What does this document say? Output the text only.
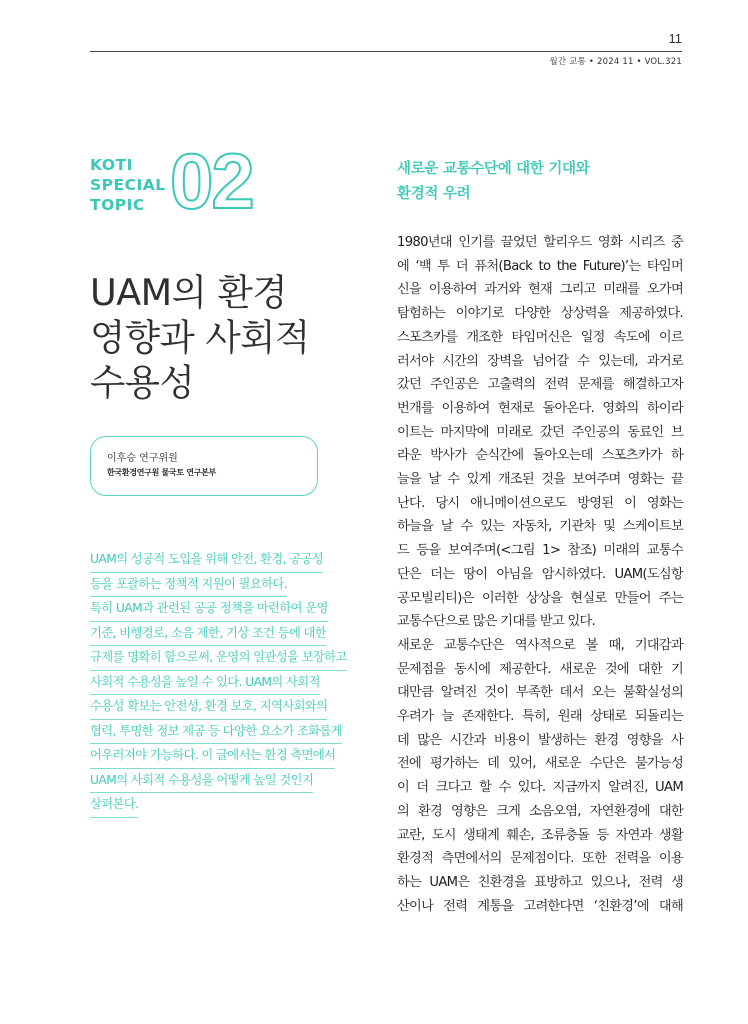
11
월간 교통 • 2024 11 • VOL.321
KOTI
SPECIAL
TOPIC 02
UAM의 환경
영향과 사회적
수용성
이후승 연구위원
한국환경연구원 물국토 연구본부
UAM의 성공적 도입을 위해 안전, 환경, 공공성
등을 포괄하는 정책적 지원이 필요하다.
특히 UAM과 관련된 공공 정책을 마련하여 운영
기준, 비행경로, 소음 제한, 기상 조건 등에 대한
규제를 명확히 함으로써, 운영의 일관성을 보장하고
사회적 수용성을 높일 수 있다. UAM의 사회적
수용성 확보는 안전성, 환경 보호, 지역사회와의
협력, 투명한 정보 제공 등 다양한 요소가 조화롭게
어우러져야 가능하다. 이 글에서는 환경 측면에서
UAM의 사회적 수용성을 어떻게 높일 것인지
살펴본다.
새로운 교통수단에 대한 기대와
환경적 우려
1980년대 인기를 끌었던 할리우드 영화 시리즈 중
에 ‘백 투 더 퓨처(Back to the Future)’는 타임머
신을 이용하여 과거와 현재 그리고 미래를 오가며
탐험하는 이야기로 다양한 상상력을 제공하였다.
스포츠카를 개조한 타임머신은 일정 속도에 이르
러서야 시간의 장벽을 넘어갈 수 있는데, 과거로
갔던 주인공은 고출력의 전력 문제를 해결하고자
번개를 이용하여 현재로 돌아온다. 영화의 하이라
이트는 마지막에 미래로 갔던 주인공의 동료인 브
라운 박사가 순식간에 돌아오는데 스포츠카가 하
늘을 날 수 있게 개조된 것을 보여주며 영화는 끝
난다. 당시 애니메이션으로도 방영된 이 영화는
하늘을 날 수 있는 자동차, 기관차 및 스케이트보
드 등을 보여주며(<그림 1> 참조) 미래의 교통수
단은 더는 땅이 아님을 암시하였다. UAM(도심항
공모빌리티)은 이러한 상상을 현실로 만들어 주는
교통수단으로 많은 기대를 받고 있다.
새로운 교통수단은 역사적으로 볼 때, 기대감과
문제점을 동시에 제공한다. 새로운 것에 대한 기
대만큼 알려진 것이 부족한 데서 오는 불확실성의
우려가 늘 존재한다. 특히, 원래 상태로 되돌리는
데 많은 시간과 비용이 발생하는 환경 영향을 사
전에 평가하는 데 있어, 새로운 수단은 불가능성
이 더 크다고 할 수 있다. 지금까지 알려진, UAM
의 환경 영향은 크게 소음오염, 자연환경에 대한
교란, 도시 생태계 훼손, 조류충돌 등 자연과 생활
환경적 측면에서의 문제점이다. 또한 전력을 이용
하는 UAM은 친환경을 표방하고 있으나, 전력 생
산이나 전력 계통을 고려한다면 ‘친환경’에 대해
